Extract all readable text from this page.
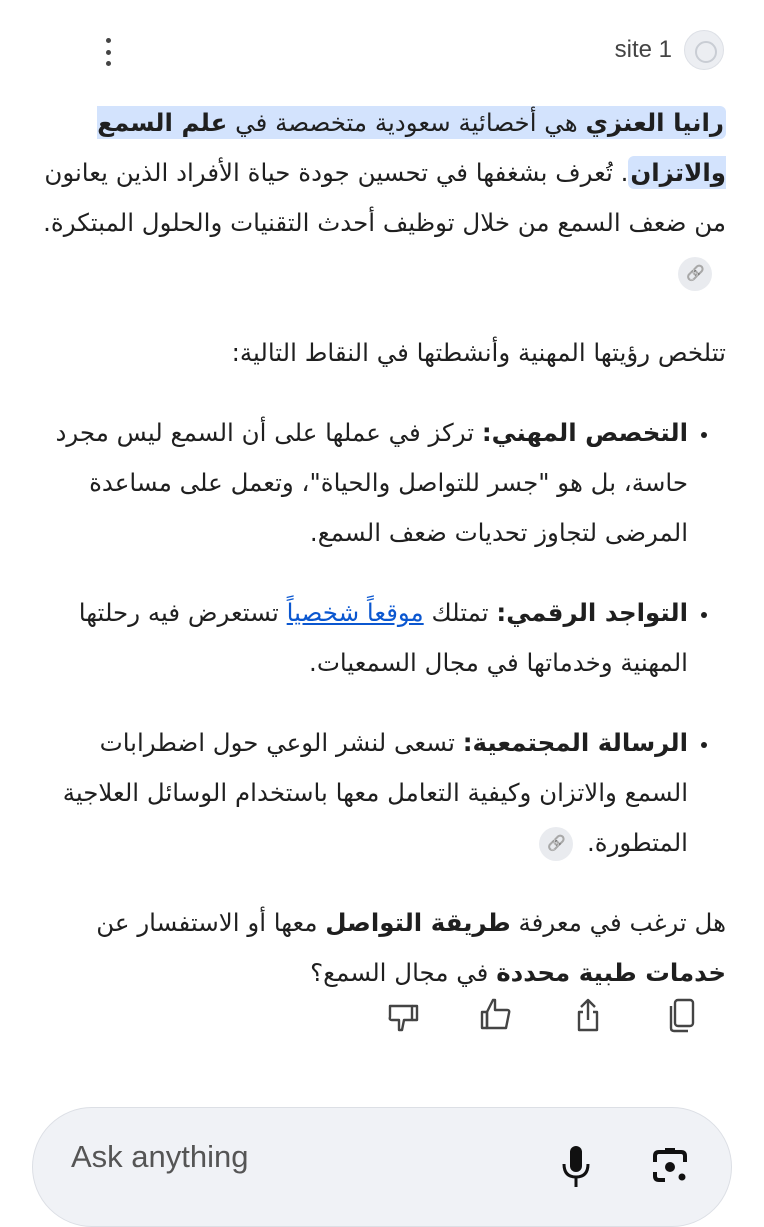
site 1

رانيا العنزي هي أخصائية سعودية متخصصة في علم السمع والاتزان. تُعرف بشغفها في تحسين جودة حياة الأفراد الذين يعانون من ضعف السمع من خلال توظيف أحدث التقنيات والحلول المبتكرة.🔗

تتلخص رؤيتها المهنية وأنشطتها في النقاط التالية:

• التخصص المهني: تركز في عملها على أن السمع ليس مجرد حاسة، بل هو "جسر للتواصل والحياة"، وتعمل على مساعدة المرضى لتجاوز تحديات ضعف السمع.
• التواجد الرقمي: تمتلك موقعاً شخصياً تستعرض فيه رحلتها المهنية وخدماتها في مجال السمعيات.
• الرسالة المجتمعية: تسعى لنشر الوعي حول اضطرابات السمع والاتزان وكيفية التعامل معها باستخدام الوسائل العلاجية المتطورة.🔗

هل ترغب في معرفة طريقة التواصل معها أو الاستفسار عن خدمات طبية محددة في مجال السمع؟

Ask anything
